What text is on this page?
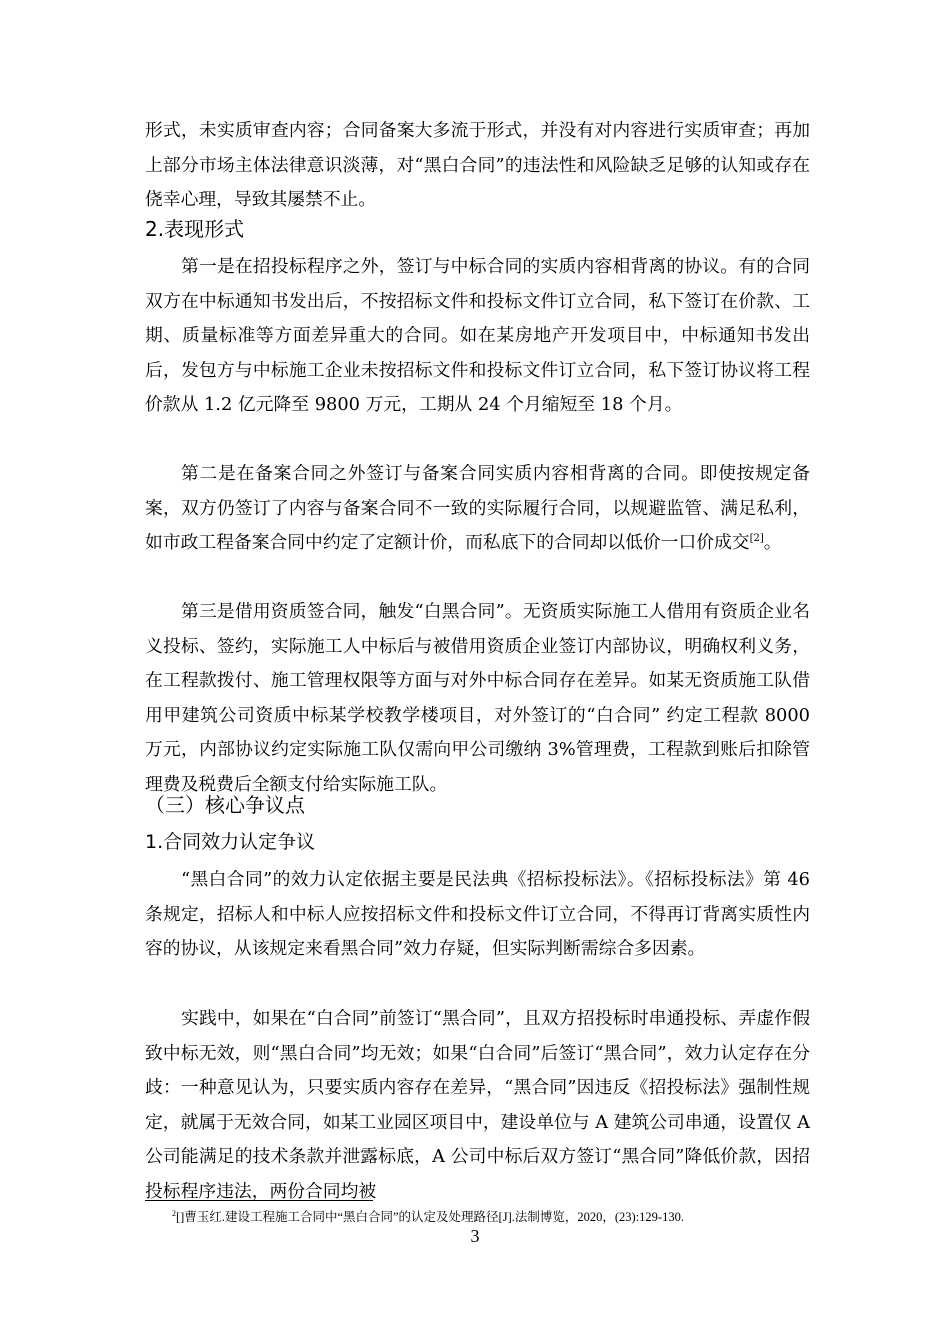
形式，未实质审查内容；合同备案大多流于形式，并没有对内容进行实质审查；再加上部分市场主体法律意识淡薄，对“黑白合同”的违法性和风险缺乏足够的认知或存在侥幸心理，导致其屡禁不止。

2.表现形式

第一是在招投标程序之外，签订与中标合同的实质内容相背离的协议。有的合同双方在中标通知书发出后，不按招标文件和投标文件订立合同，私下签订在价款、工期、质量标准等方面差异重大的合同。如在某房地产开发项目中，中标通知书发出后，发包方与中标施工企业未按招标文件和投标文件订立合同，私下签订协议将工程价款从 1.2 亿元降至 9800 万元，工期从 24 个月缩短至 18 个月。

第二是在备案合同之外签订与备案合同实质内容相背离的合同。即使按规定备案，双方仍签订了内容与备案合同不一致的实际履行合同，以规避监管、满足私利，如市政工程备案合同中约定了定额计价，而私底下的合同却以低价一口价成交[2]。

第三是借用资质签合同，触发“白黑合同”。无资质实际施工人借用有资质企业名义投标、签约，实际施工人中标后与被借用资质企业签订内部协议，明确权利义务，在工程款拨付、施工管理权限等方面与对外中标合同存在差异。如某无资质施工队借用甲建筑公司资质中标某学校教学楼项目，对外签订的“白合同” 约定工程款 8000 万元，内部协议约定实际施工队仅需向甲公司缴纳 3%管理费，工程款到账后扣除管理费及税费后全额支付给实际施工队。

（三）核心争议点

1.合同效力认定争议

“黑白合同”的效力认定依据主要是民法典《招标投标法》。《招标投标法》第 46 条规定，招标人和中标人应按招标文件和投标文件订立合同，不得再订背离实质性内容的协议，从该规定来看黑合同”效力存疑，但实际判断需综合多因素。

实践中，如果在“白合同”前签订“黑合同”，且双方招投标时串通投标、弄虚作假致中标无效，则“黑白合同”均无效；如果“白合同”后签订“黑合同”，效力认定存在分歧：一种意见认为，只要实质内容存在差异，“黑合同”因违反《招投标法》强制性规定，就属于无效合同，如某工业园区项目中，建设单位与 A 建筑公司串通，设置仅 A 公司能满足的技术条款并泄露标底，A 公司中标后双方签订“黑合同”降低价款，因招投标程序违法，两份合同均被

$^2$[]曹玉红.建设工程施工合同中“黑白合同”的认定及处理路径[J].法制博览，2020，(23):129-130.
3
